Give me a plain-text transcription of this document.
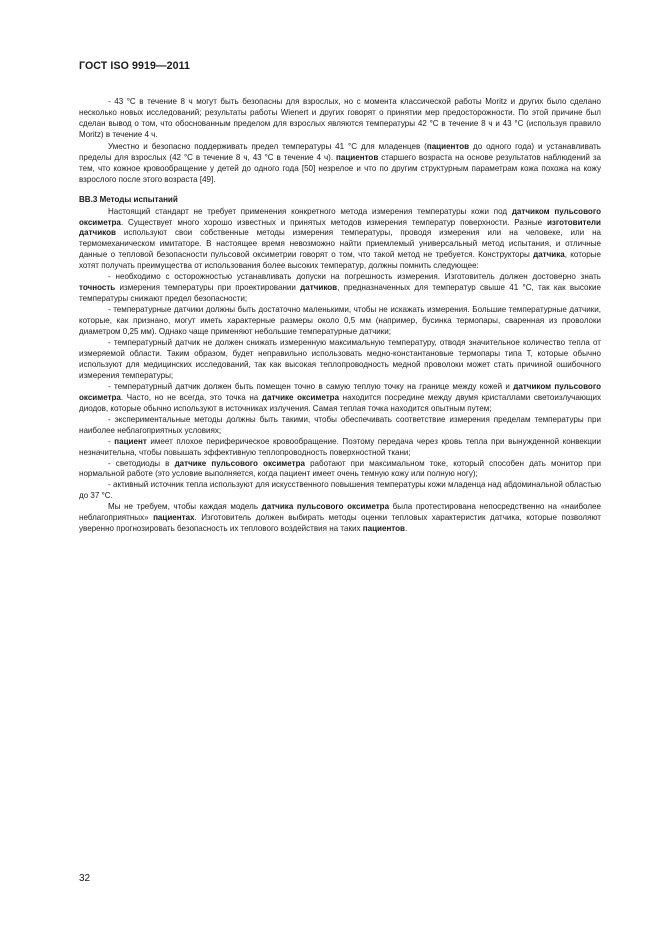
ГОСТ ISO 9919—2011

- 43 °С в течение 8 ч могут быть безопасны для взрослых, но с момента классической работы Moritz и других было сделано несколько новых исследований; результаты работы Wienert и других говорят о принятии мер предосторожности. По этой причине был сделан вывод о том, что обоснованным пределом для взрослых являются температуры 42 °С в течение 8 ч и 43 °С (используя правило Moritz) в течение 4 ч.

Уместно и безопасно поддерживать предел температуры 41 °С для младенцев (пациентов до одного года) и устанавливать пределы для взрослых (42 °С в течение 8 ч, 43 °С в течение 4 ч). пациентов старшего возраста на основе результатов наблюдений за тем, что кожное кровообращение у детей до одного года [50] незрелое и что по другим структурным параметрам кожа похожа на кожу взрослого после этого возраста [49].

ВВ.3 Методы испытаний

Настоящий стандарт не требует применения конкретного метода измерения температуры кожи под датчиком пульсового оксиметра. Существует много хорошо известных и принятых методов измерения температур поверхности. Разные изготовители датчиков используют свои собственные методы измерения температуры, проводя измерения или на человеке, или на термомеханическом имитаторе. В настоящее время невозможно найти приемлемый универсальный метод испытания, и отличные данные о тепловой безопасности пульсовой оксиметрии говорят о том, что такой метод не требуется. Конструкторы датчика, которые хотят получать преимущества от использования более высоких температур, должны помнить следующее:

- необходимо с осторожностью устанавливать допуски на погрешность измерения. Изготовитель должен достоверно знать точность измерения температуры при проектировании датчиков, предназначенных для температур свыше 41 °С, так как высокие температуры снижают предел безопасности;

- температурные датчики должны быть достаточно маленькими, чтобы не искажать измерения. Большие температурные датчики, которые, как признано, могут иметь характерные размеры около 0,5 мм (например, бусинка термопары, сваренная из проволоки диаметром 0,25 мм). Однако чаще применяют небольшие температурные датчики;

- температурный датчик не должен снижать измеренную максимальную температуру, отводя значительное количество тепла от измеряемой области. Таким образом, будет неправильно использовать медно-константановые термопары типа Т, которые обычно используют для медицинских исследований, так как высокая теплопроводность медной проволоки может стать причиной ошибочного измерения температуры;

- температурный датчик должен быть помещен точно в самую теплую точку на границе между кожей и датчиком пульсового оксиметра. Часто, но не всегда, это точка на датчике оксиметра находится посредине между двумя кристаллами светоизлучающих диодов, которые обычно используют в источниках излучения. Самая теплая точка находится опытным путем;

- экспериментальные методы должны быть такими, чтобы обеспечивать соответствие измерения пределам температуры при наиболее неблагоприятных условиях;

- пациент имеет плохое периферическое кровообращение. Поэтому передача через кровь тепла при вынужденной конвекции незначительна, чтобы повышать эффективную теплопроводность поверхностной ткани;

- светодиоды в датчике пульсового оксиметра работают при максимальном токе, который способен дать монитор при нормальной работе (это условие выполняется, когда пациент имеет очень темную кожу или полную ногу);

- активный источник тепла используют для искусственного повышения температуры кожи младенца над абдоминальной областью до 37 °С.

Мы не требуем, чтобы каждая модель датчика пульсового оксиметра была протестирована непосредственно на «наиболее неблагоприятных» пациентах. Изготовитель должен выбирать методы оценки тепловых характеристик датчика, которые позволяют уверенно прогнозировать безопасность их теплового воздействия на таких пациентов.

32
